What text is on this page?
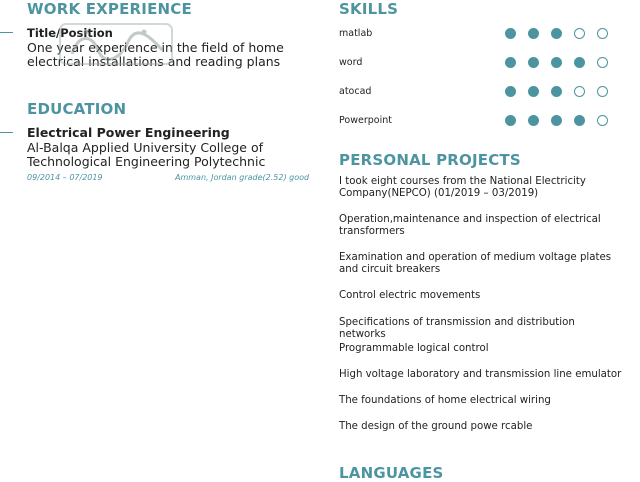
WORK EXPERIENCE
Title/Position

One year experience in the field of home electrical installations and reading plans

EDUCATION
Electrical Power Engineering

Al-Balqa Applied University College of Technological Engineering Polytechnic

09/2014 – 07/2019	Amman, Jordan grade(2.52) good
SKILLS
matlab
word
atocad
Powerpoint
PERSONAL PROJECTS

I took eight courses from the National Electricity Company(NEPCO) (01/2019 – 03/2019)

Operation,maintenance and inspection of electrical transformers

Examination and operation of medium voltage plates and circuit breakers

Control electric movements

Specifications of transmission and distribution networks

Programmable logical control

High voltage laboratory and transmission line emulator

The foundations of home electrical wiring

The design of the ground powe rcable

LANGUAGES
